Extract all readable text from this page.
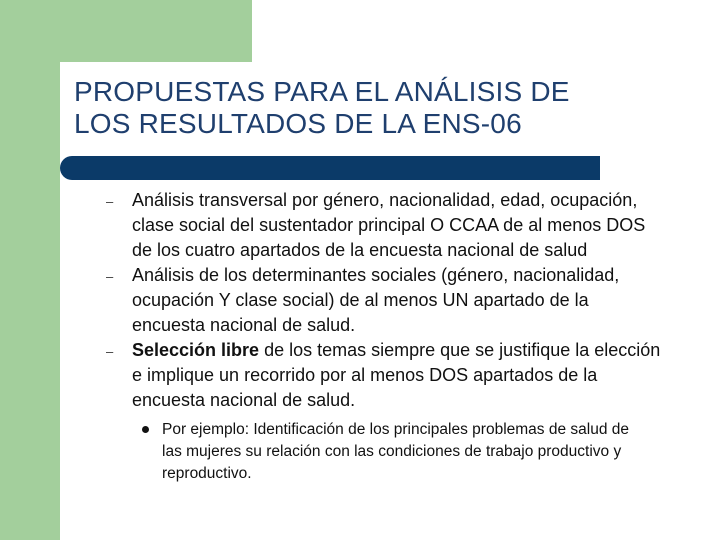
PROPUESTAS PARA EL ANÁLISIS DE
LOS RESULTADOS DE LA ENS-06
– Análisis transversal por género, nacionalidad, edad, ocupación, clase social del sustentador principal O CCAA de al menos DOS de los cuatro apartados de la encuesta nacional de salud
– Análisis de los determinantes sociales (género, nacionalidad, ocupación Y clase social) de al menos UN apartado de la encuesta nacional de salud.
– Selección libre de los temas siempre que se justifique la elección e implique un recorrido por al menos DOS apartados de la encuesta nacional de salud.
Por ejemplo: Identificación de los principales problemas de salud de las mujeres su relación con las condiciones de trabajo productivo y reproductivo.
